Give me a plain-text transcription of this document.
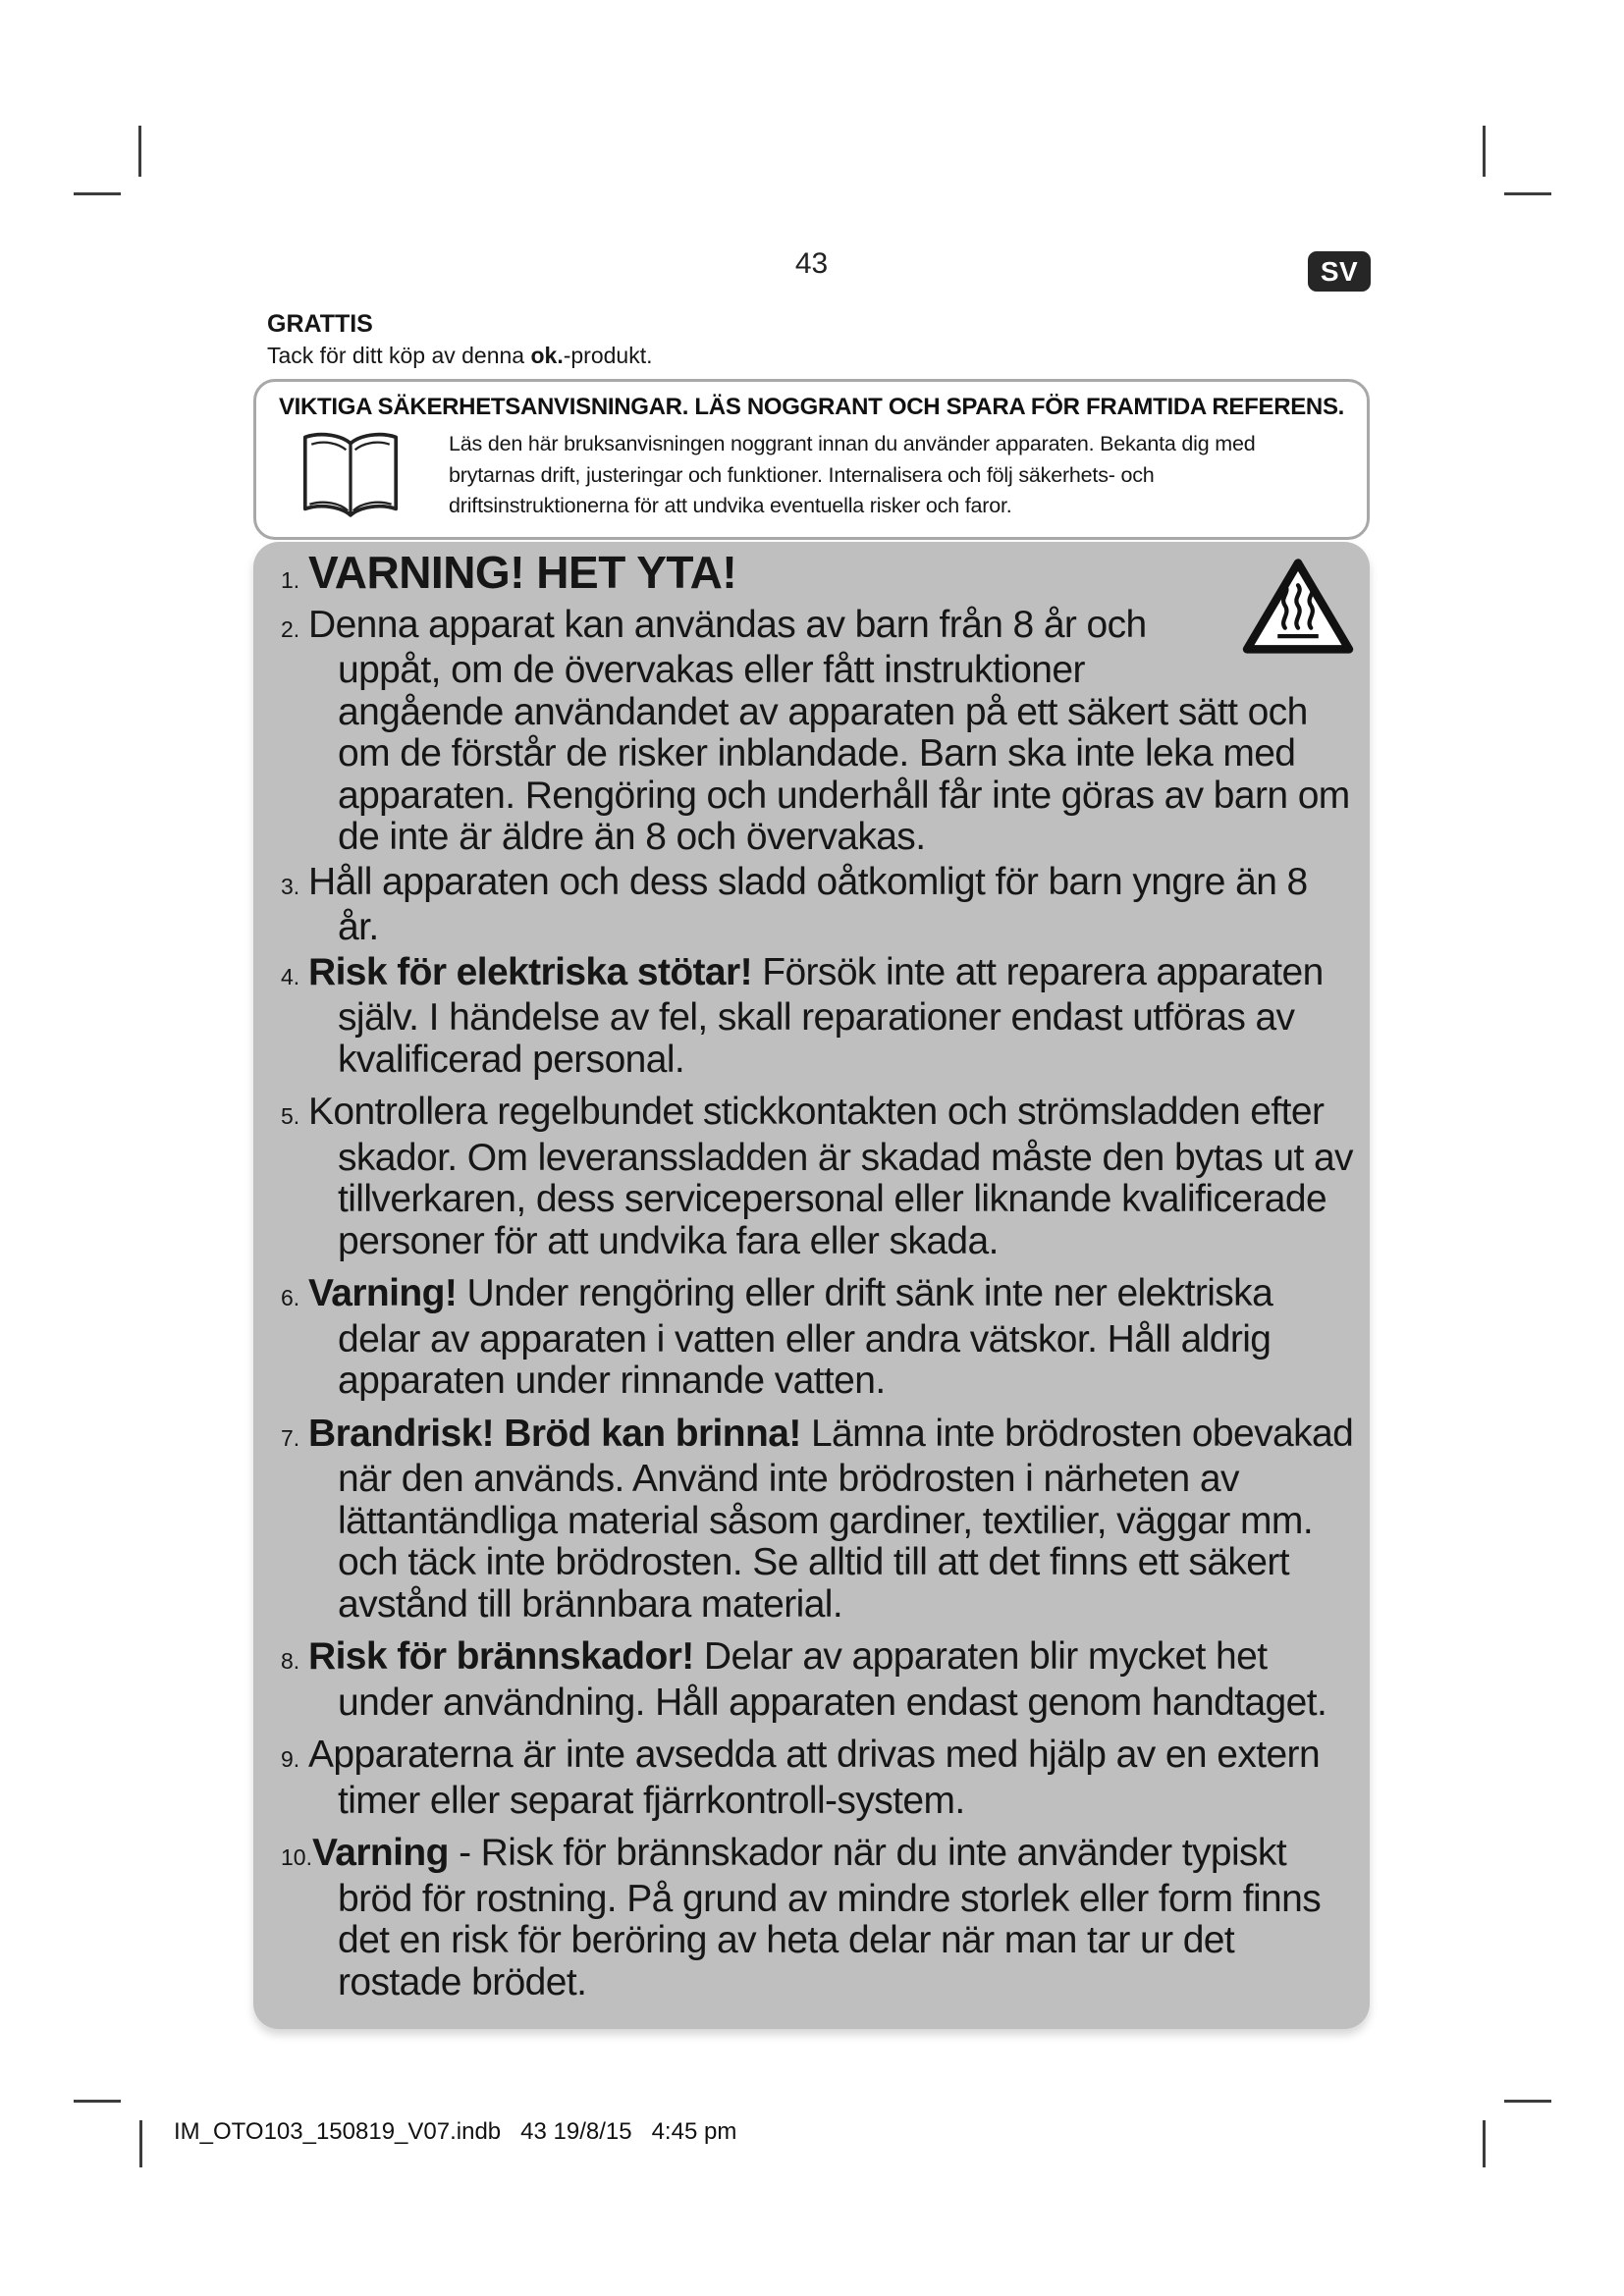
43	SV
GRATTIS
Tack för ditt köp av denna ok.-produkt.
VIKTIGA SÄKERHETSANVISNINGAR. LÄS NOGGRANT OCH SPARA FÖR FRAMTIDA REFERENS.
Läs den här bruksanvisningen noggrant innan du använder apparaten. Bekanta dig med brytarnas drift, justeringar och funktioner. Internalisera och följ säkerhets- och driftsinstruktionerna för att undvika eventuella risker och faror.
1. VARNING! HET YTA!
2. Denna apparat kan användas av barn från 8 år och uppåt, om de övervakas eller fått instruktioner angående användandet av apparaten på ett säkert sätt och om de förstår de risker inblandade. Barn ska inte leka med apparaten. Rengöring och underhåll får inte göras av barn om de inte är äldre än 8 och övervakas.
3. Håll apparaten och dess sladd oåtkomligt för barn yngre än 8 år.
4. Risk för elektriska stötar! Försök inte att reparera apparaten själv. I händelse av fel, skall reparationer endast utföras av kvalificerad personal.
5. Kontrollera regelbundet stickkontakten och strömsladden efter skador. Om leveranssladden är skadad måste den bytas ut av tillverkaren, dess servicepersonal eller liknande kvalificerade personer för att undvika fara eller skada.
6. Varning! Under rengöring eller drift sänk inte ner elektriska delar av apparaten i vatten eller andra vätskor. Håll aldrig apparaten under rinnande vatten.
7. Brandrisk! Bröd kan brinna! Lämna inte brödrosten obevakad när den används. Använd inte brödrosten i närheten av lättantändliga material såsom gardiner, textilier, väggar mm. och täck inte brödrosten. Se alltid till att det finns ett säkert avstånd till brännbara material.
8. Risk för brännskador! Delar av apparaten blir mycket het under användning. Håll apparaten endast genom handtaget.
9. Apparaterna är inte avsedda att drivas med hjälp av en extern timer eller separat fjärrkontroll-system.
10.Varning - Risk för brännskador när du inte använder typiskt bröd för rostning. På grund av mindre storlek eller form finns det en risk för beröring av heta delar när man tar ur det rostade brödet.
IM_OTO103_150819_V07.indb   43 19/8/15   4:45 pm
